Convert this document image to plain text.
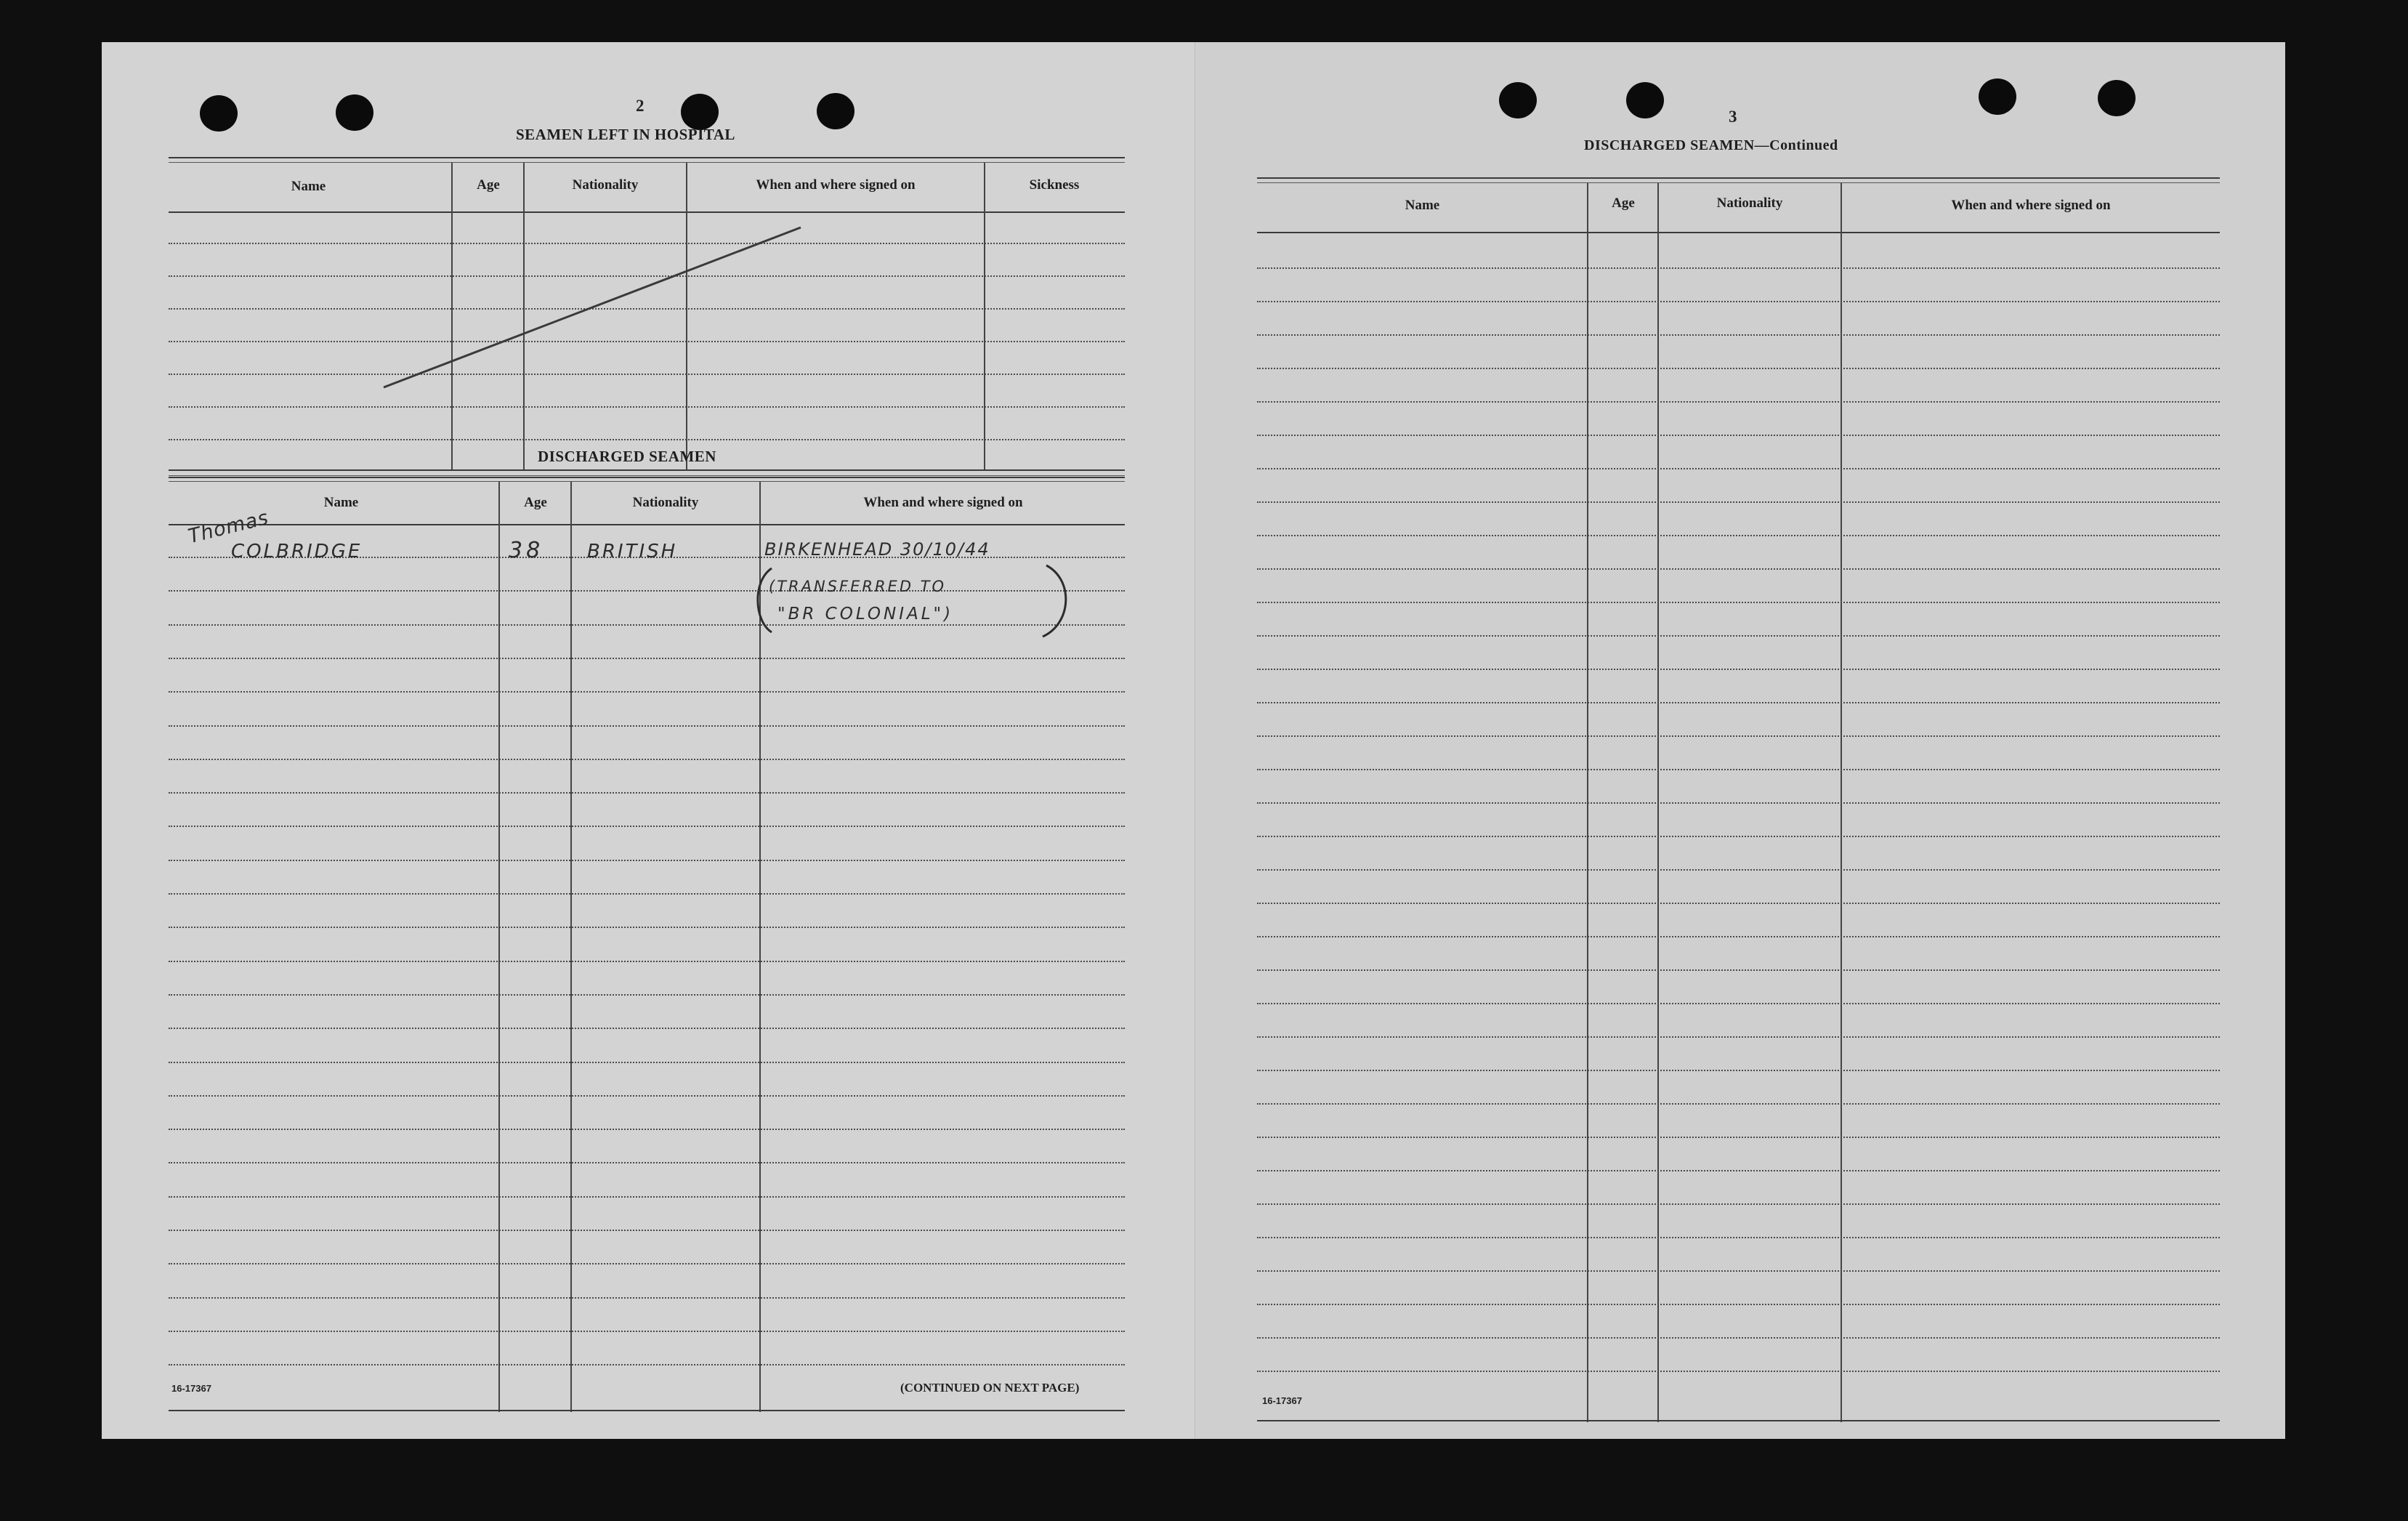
2
SEAMEN LEFT IN HOSPITAL
Name	Age	Nationality	When and where signed on	Sickness
DISCHARGED SEAMEN
Name	Age	Nationality	When and where signed on
Thomas
COLBRIDGE	38 BRITISH	BIRKENHEAD 30/10/44
(TRANSFERRED TO
"BR COLONIAL")
16-17367	(CONTINUED ON NEXT PAGE)
3
DISCHARGED SEAMEN—Continued
Name	Age	Nationality	When and where signed on
16-17367
